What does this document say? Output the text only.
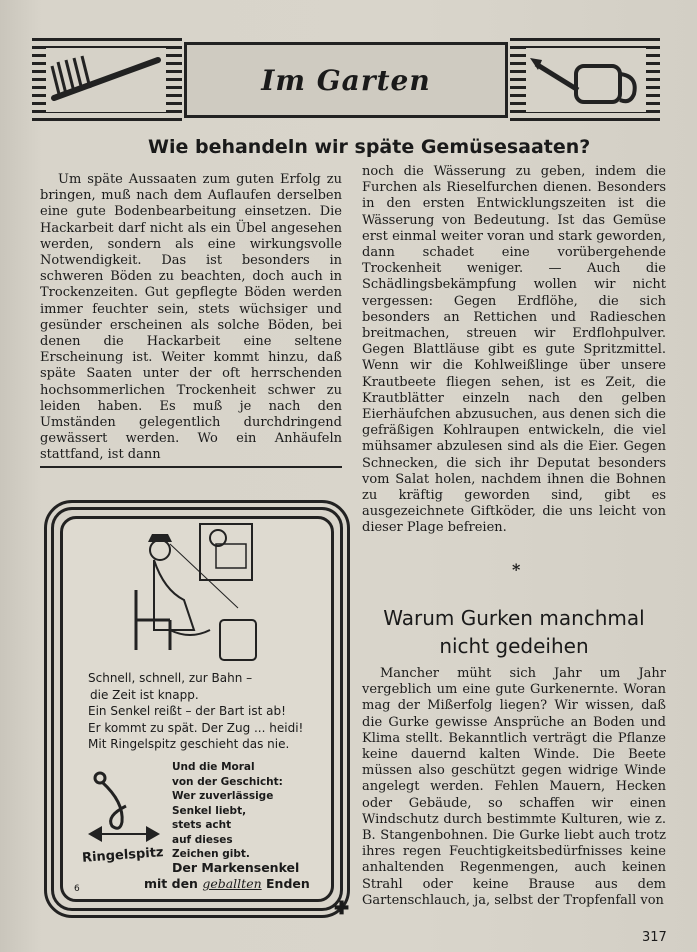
Im Garten
Wie behandeln wir späte Gemüsesaaten?

Um späte Aussaaten zum guten Erfolg zu bringen, muß nach dem Auflaufen derselben eine gute Bodenbearbeitung einsetzen. Die Hackarbeit darf nicht als ein Übel angesehen werden, sondern als eine wirkungsvolle Notwendigkeit. Das ist besonders in schweren Böden zu beachten, doch auch in Trockenzeiten. Gut gepflegte Böden werden immer feuchter sein, stets wüchsiger und gesünder erscheinen als solche Böden, bei denen die Hackarbeit eine seltene Erscheinung ist. Weiter kommt hinzu, daß späte Saaten unter der oft herrschenden hochsommerlichen Trockenheit schwer zu leiden haben. Es muß je nach den Umständen gelegentlich durchdringend gewässert werden. Wo ein Anhäufeln stattfand, ist dann

noch die Wässerung zu geben, indem die Furchen als Rieselfurchen dienen. Besonders in den ersten Entwicklungszeiten ist die Wässerung von Bedeutung. Ist das Gemüse erst einmal weiter voran und stark geworden, dann schadet eine vorübergehende Trockenheit weniger. — Auch die Schädlingsbekämpfung wollen wir nicht vergessen: Gegen Erdflöhe, die sich besonders an Rettichen und Radieschen breitmachen, streuen wir Erdflohpulver. Gegen Blattläuse gibt es gute Spritzmittel. Wenn wir die Kohlweißlinge über unsere Krautbeete fliegen sehen, ist es Zeit, die Krautblätter einzeln nach den gelben Eierhäufchen abzusuchen, aus denen sich die gefräßigen Kohlraupen entwickeln, die viel mühsamer abzulesen sind als die Eier. Gegen Schnecken, die sich ihr Deputat besonders vom Salat holen, nachdem ihnen die Bohnen zu kräftig geworden sind, gibt es ausgezeichnete Giftköder, die uns leicht von dieser Plage befreien.

*
Warum Gurken manchmal
nicht gedeihen

Mancher müht sich Jahr um Jahr vergeblich um eine gute Gurkenernte. Woran mag der Mißerfolg liegen? Wir wissen, daß die Gurke gewisse Ansprüche an Boden und Klima stellt. Bekanntlich verträgt die Pflanze keine dauernd kalten Winde. Die Beete müssen also geschützt gegen widrige Winde angelegt werden. Fehlen Mauern, Hecken oder Gebäude, so schaffen wir einen Windschutz durch bestimmte Kulturen, wie z. B. Stangenbohnen. Die Gurke liebt auch trotz ihres regen Feuchtigkeitsbedürfnisses keine anhaltenden Regenmengen, auch keinen Strahl oder keine Brause aus dem Gartenschlauch, ja, selbst der Tropfenfall von

Schnell, schnell, zur Bahn –
die Zeit ist knapp.
Ein Senkel reißt – der Bart ist ab!
Er kommt zu spät. Der Zug ... heidi!
Mit Ringelspitz geschieht das nie.
Und die Moral
von der Geschicht:
Wer zuverlässige
Senkel liebt,
stets acht
auf dieses
Zeichen gibt.
Ringelspitz
Der Markensenkel
mit den geballten Enden
6
✚
317
